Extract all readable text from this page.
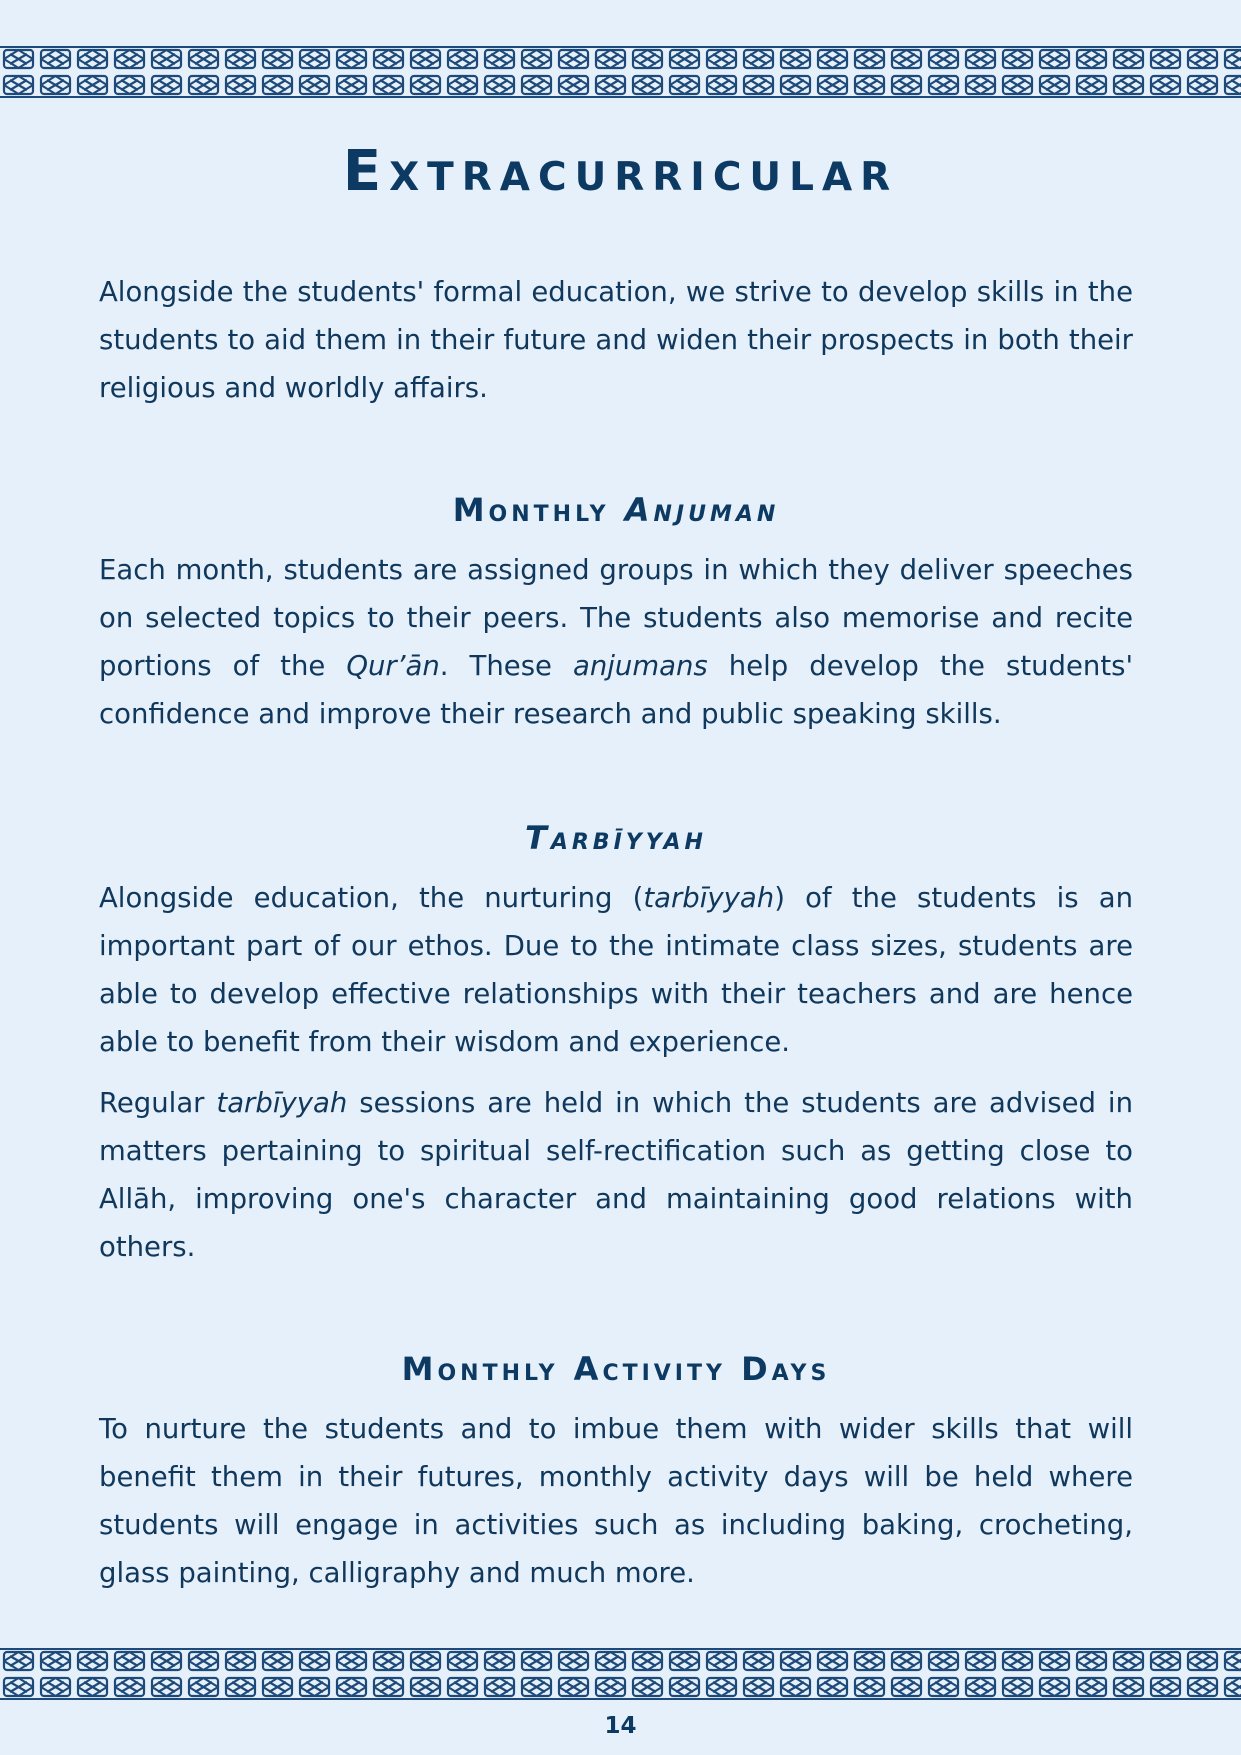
Extracurricular

Alongside the students' formal education, we strive to develop skills in the students to aid them in their future and widen their prospects in both their religious and worldly affairs.

Monthly Anjuman

Each month, students are assigned groups in which they deliver speeches on selected topics to their peers. The students also memorise and recite portions of the Qur’ān. These anjumans help develop the students' confidence and improve their research and public speaking skills.

Tarbīyyah

Alongside education, the nurturing (tarbīyyah) of the students is an important part of our ethos. Due to the intimate class sizes, students are able to develop effective relationships with their teachers and are hence able to benefit from their wisdom and experience.

Regular tarbīyyah sessions are held in which the students are advised in matters pertaining to spiritual self-rectification such as getting close to Allāh, improving one's character and maintaining good relations with others.

Monthly Activity Days

To nurture the students and to imbue them with wider skills that will benefit them in their futures, monthly activity days will be held where students will engage in activities such as including baking, crocheting, glass painting, calligraphy and much more.

14
